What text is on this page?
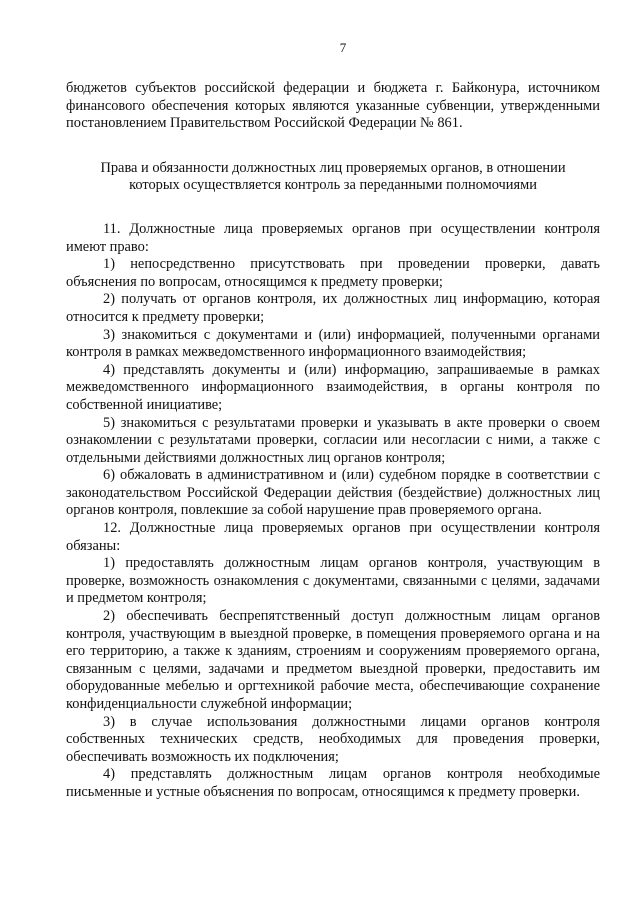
7

бюджетов субъектов российской федерации и бюджета г. Байконура, источником финансового обеспечения которых являются указанные субвенции, утвержденными постановлением Правительством Российской Федерации № 861.

Права и обязанности должностных лиц проверяемых органов, в отношении
которых осуществляется контроль за переданными полномочиями

11. Должностные лица проверяемых органов при осуществлении контроля имеют право:

1) непосредственно присутствовать при проведении проверки, давать объяснения по вопросам, относящимся к предмету проверки;

2) получать от органов контроля, их должностных лиц информацию, которая относится к предмету проверки;

3) знакомиться с документами и (или) информацией, полученными органами контроля в рамках межведомственного информационного взаимодействия;

4) представлять документы и (или) информацию, запрашиваемые в рамках межведомственного информационного взаимодействия, в органы контроля по собственной инициативе;

5) знакомиться с результатами проверки и указывать в акте проверки о своем ознакомлении с результатами проверки, согласии или несогласии с ними, а также с отдельными действиями должностных лиц органов контроля;

6) обжаловать в административном и (или) судебном порядке в соответствии с законодательством Российской Федерации действия (бездействие) должностных лиц органов контроля, повлекшие за собой нарушение прав проверяемого органа.

12. Должностные лица проверяемых органов при осуществлении контроля обязаны:

1) предоставлять должностным лицам органов контроля, участвующим в проверке, возможность ознакомления с документами, связанными с целями, задачами и предметом контроля;

2) обеспечивать беспрепятственный доступ должностным лицам органов контроля, участвующим в выездной проверке, в помещения проверяемого органа и на его территорию, а также к зданиям, строениям и сооружениям проверяемого органа, связанным с целями, задачами и предметом выездной проверки, предоставить им оборудованные мебелью и оргтехникой рабочие места, обеспечивающие сохранение конфиденциальности служебной информации;

3) в случае использования должностными лицами органов контроля собственных технических средств, необходимых для проведения проверки, обеспечивать возможность их подключения;

4) представлять должностным лицам органов контроля необходимые письменные и устные объяснения по вопросам, относящимся к предмету проверки.
